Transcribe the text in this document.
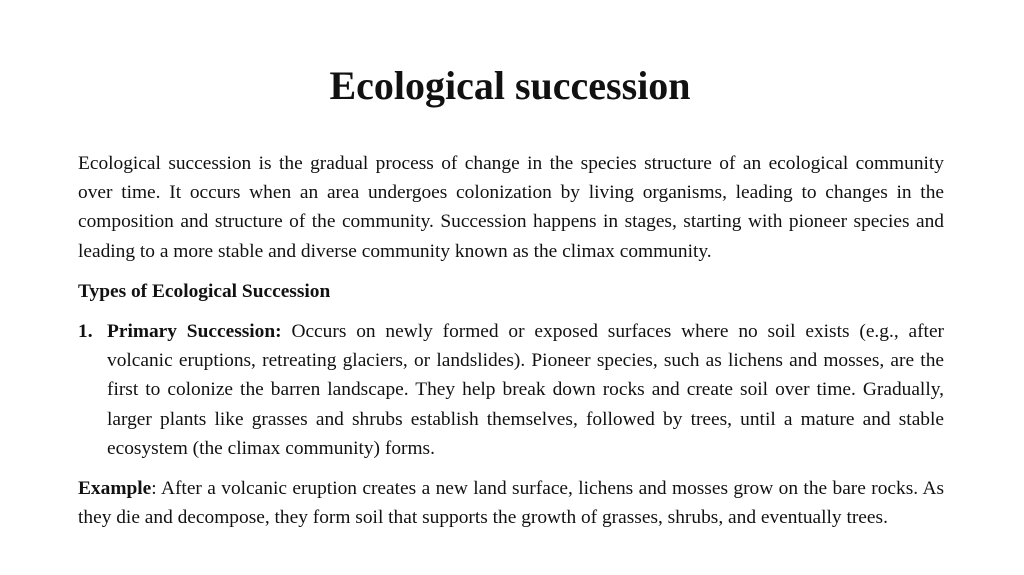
Ecological succession

Ecological succession is the gradual process of change in the species structure of an ecological community over time. It occurs when an area undergoes colonization by living organisms, leading to changes in the composition and structure of the community. Succession happens in stages, starting with pioneer species and leading to a more stable and diverse community known as the climax community.

Types of Ecological Succession

1. Primary Succession: Occurs on newly formed or exposed surfaces where no soil exists (e.g., after volcanic eruptions, retreating glaciers, or landslides). Pioneer species, such as lichens and mosses, are the first to colonize the barren landscape. They help break down rocks and create soil over time. Gradually, larger plants like grasses and shrubs establish themselves, followed by trees, until a mature and stable ecosystem (the climax community) forms.

Example: After a volcanic eruption creates a new land surface, lichens and mosses grow on the bare rocks. As they die and decompose, they form soil that supports the growth of grasses, shrubs, and eventually trees.
